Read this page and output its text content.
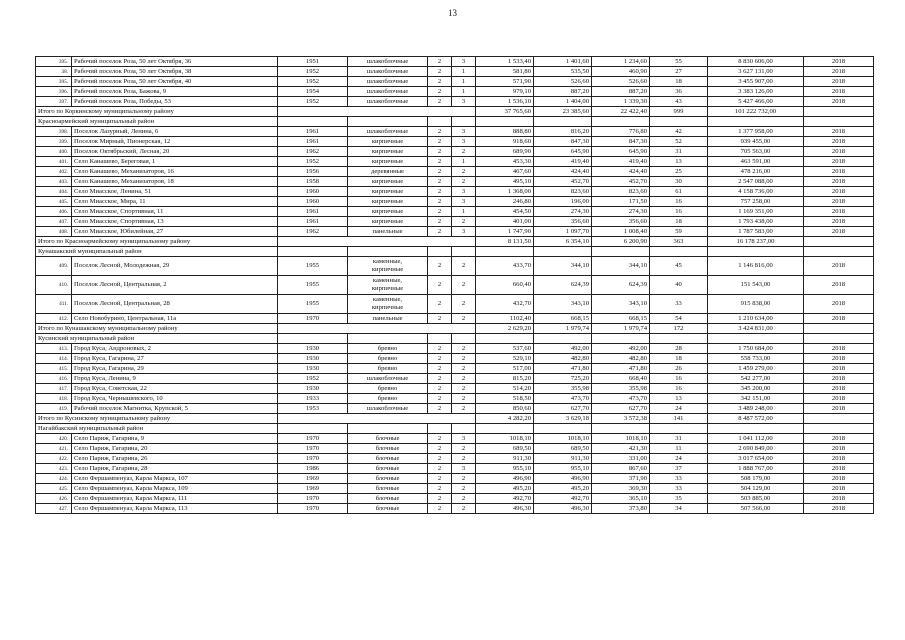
13
395.	Рабочий поселок Роза, 50 лет Октября, 36	1951	шлакоблочные	2	3	1 533,40	1 401,60	1 234,60	55	8 830 606,00	2018
38.	Рабочий поселок Роза, 50 лет Октября, 38	1952	шлакоблочные	2	1	581,80	535,50	460,90	27	3 627 131,00	2018
395.	Рабочий поселок Роза, 50 лет Октября, 40	1952	шлакоблочные	2	1	571,90	526,60	526,60	18	3 455 907,00	2018
396.	Рабочий поселок Роза, Бажова, 9	1954	шлакоблочные	2	1	979,10	887,20	887,20	36	3 383 126,00	2018
397.	Рабочий поселок Роза, Победы, 53	1952	шлакоблочные	2	3	1 536,10	1 404,00	1 339,30	43	5 427 466,00	2018
Итого по Коркинскому муниципальному району						37 765,60	23 385,60	22 422,40	999	101 222 732,00	
Красноармейский муниципальный район											
398.	Поселок Лазурный, Ленина, 6	1961	шлакоблочные	2	3	888,80	816,20	776,80	42	1 377 958,00	2018
399.	Поселок Мирный, Пионерская, 12	1961	кирпичные	2	3	918,60	847,30	847,30	52	939 455,00	2018
400.	Поселок Октябрьский, Лесная, 20	1962	кирпичные	2	2	689,90	645,90	645,90	31	705 563,00	2018
401.	Село Канашево, Береговая, 1	1952	кирпичные	2	1	453,30	419,40	419,40	13	463 591,00	2018
402.	Село Канашево, Механизаторов, 16	1956	деревянные	2	2	467,60	424,40	424,40	25	478 216,00	2018
403.	Село Канашево, Механизаторов, 18	1958	кирпичные	2	2	495,10	452,70	452,70	30	2 547 088,00	2018
404.	Село Миасское, Ленина, 51	1960	кирпичные	2	3	1 368,00	823,60	823,60	61	4 158 736,00	2018
405.	Село Миасское, Мира, 11	1960	кирпичные	2	3	246,80	196,00	171,50	16	757 258,00	2018
406.	Село Миасское, Спортивная, 11	1961	кирпичные	2	1	454,50	274,30	274,30	16	1 169 351,00	2018
407.	Село Миасское, Спортивная, 13	1961	кирпичные	2	2	401,00	356,60	356,60	18	1 793 438,00	2018
408.	Село Миасское, Юбилейная, 27	1962	панельные	2	3	1 747,90	1 097,70	1 008,40	59	1 787 583,00	2018
Итого по Красноармейскому муниципальному району						8 131,50	6 354,10	6 200,90	363	16 178 237,00	
Кунашакский муниципальный район											
409.	Поселок Лесной, Молодежная, 29	1955	каменные,
кирпичные	2	2	433,70	344,10	344,10	45	1 146 816,00	2018
410.	Поселок Лесной, Центральная, 2	1955	каменные,
кирпичные	2	2	660,40	624,39	624,39	40	151 543,00	2018
411.	Поселок Лесной, Центральная, 28	1955	каменные,
кирпичные	2	2	432,70	343,10	343,10	33	915 838,00	2018
412.	Село Новобурино, Центральная, 11а	1970	панельные	2	2	1102,40	668,15	668,15	54	1 210 634,00	2018
Итого по Кунашакскому муниципальному району						2 629,20	1 979,74	1 979,74	172	3 424 831,00	
Кусинский муниципальный район											
413.	Город Куса, Андроновых, 2	1930	бревно	2	2	537,60	492,00	492,00	28	1 750 684,00	2018
414.	Город Куса, Гагарина, 27	1930	бревно	2	2	529,10	482,80	482,80	18	558 733,00	2018
415.	Город Куса, Гагарина, 29	1930	бревно	2	2	517,00	471,80	471,80	26	1 459 279,00	2018
416.	Город Куса, Ленина, 9	1952	шлакоблочные	2	2	815,20	725,20	668,40	16	542 277,00	2018
417.	Город Куса, Советская, 22	1930	бревно	2	2	514,20	355,98	355,98	16	345 200,00	2018
418.	Город Куса, Чернышевского, 10	1933	бревно	2	2	518,50	473,70	473,70	13	342 151,00	2018
419.	Рабочий поселок Магнитка, Крупской, 5	1953	шлакоблочные	2	2	850,60	627,70	627,70	24	3 489 248,00	2018
Итого по Кусинскому муниципальному району						4 282,20	3 629,18	3 572,38	141	8 487 572,00	
Нагайбакский муниципальный район											
420.	Село Париж, Гагарина, 9	1970	блочные	2	3	1018,10	1018,10	1018,10	31	1 041 112,00	2018
421.	Село Париж, Гагарина, 20	1970	блочные	2	2	689,50	689,50	421,30	11	2 690 849,00	2018
422.	Село Париж, Гагарина, 26	1970	блочные	2	2	911,30	911,30	331,00	24	3 017 654,00	2018
423.	Село Париж, Гагарина, 28	1986	блочные	2	3	955,10	955,10	867,60	37	1 888 767,00	2018
424.	Село Фершампенуаз, Карла Маркса, 107	1969	блочные	2	2	496,90	496,90	371,90	33	508 179,00	2018
425.	Село Фершампенуаз, Карла Маркса, 109	1969	блочные	2	2	495,20	495,20	369,30	33	504 129,00	2018
426.	Село Фершампенуаз, Карла Маркса, 111	1970	блочные	2	2	492,70	492,70	365,10	35	503 885,00	2018
427.	Село Фершампенуаз, Карла Маркса, 113	1970	блочные	2	2	496,30	496,30	373,80	34	507 566,00	2018
